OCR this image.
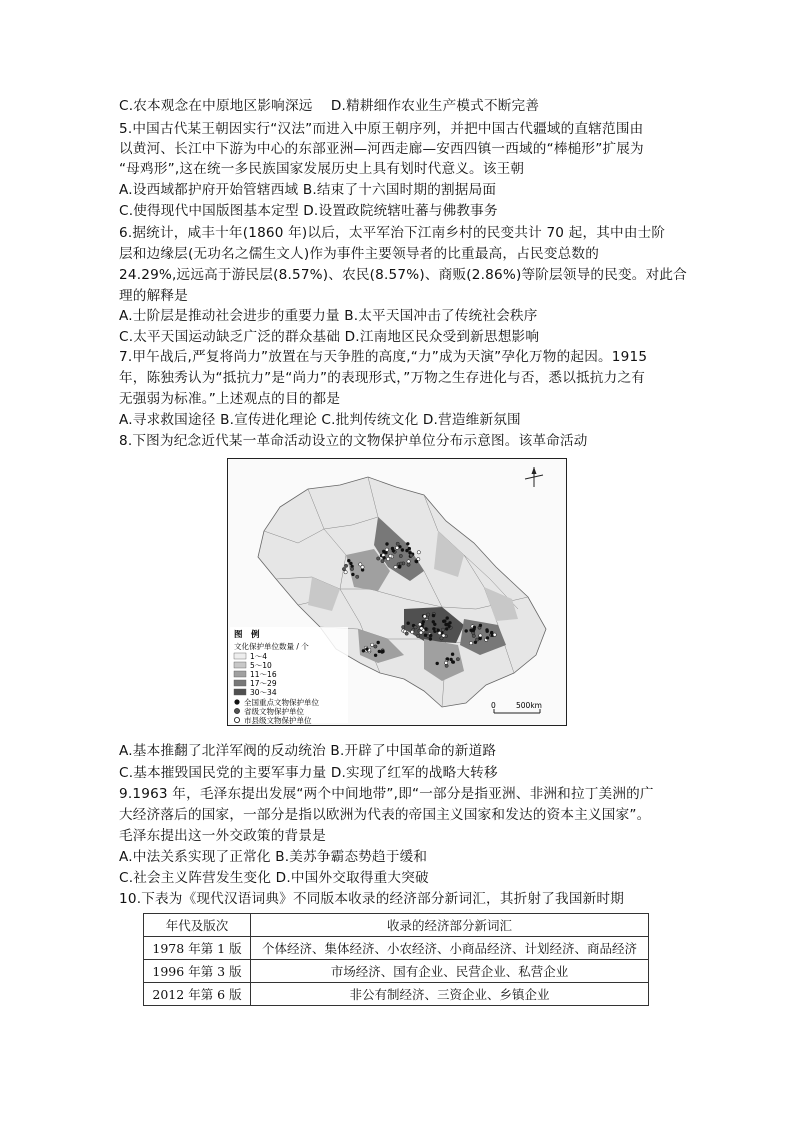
C.农本观念在中原地区影响深远　 D.精耕细作农业生产模式不断完善
5.中国古代某王朝因实行“汉法”而进入中原王朝序列，并把中国古代疆域的直辖范围由
以黄河、长江中下游为中心的东部亚洲—河西走廊—安西四镇一西域的“棒槌形”扩展为
“母鸡形”,这在统一多民族国家发展历史上具有划时代意义。该王朝
A.设西域都护府开始管辖西域 B.结束了十六国时期的割据局面
C.使得现代中国版图基本定型 D.设置政院统辖吐蕃与佛教事务
6.据统计，咸丰十年(1860 年)以后，太平军治下江南乡村的民变共计 70 起，其中由士阶
层和边缘层(无功名之儒生文人)作为事件主要领导者的比重最高，占民变总数的
24.29%,远远高于游民层(8.57%)、农民(8.57%)、商贩(2.86%)等阶层领导的民变。对此合
理的解释是
A.士阶层是推动社会进步的重要力量 B.太平天国冲击了传统社会秩序
C.太平天国运动缺乏广泛的群众基础 D.江南地区民众受到新思想影响
7.甲午战后,严复将尚力”放置在与天争胜的高度,“力”成为天演”孕化万物的起因。1915
年，陈独秀认为“抵抗力”是“尚力”的表现形式，”万物之生存进化与否，悉以抵抗力之有
无强弱为标准。”上述观点的目的都是
A.寻求救国途径 B.宣传进化理论 C.批判传统文化 D.营造维新氛围
8.下图为纪念近代某一革命活动设立的文物保护单位分布示意图。该革命活动
图　例
文化保护单位数量 / 个
1～4
5～10
11～16
17～29
30～34
全国重点文物保护单位
省级文物保护单位
市县级文物保护单位
0	500km
A.基本推翻了北洋军阀的反动统治 B.开辟了中国革命的新道路
C.基本摧毁国民党的主要军事力量 D.实现了红军的战略大转移
9.1963 年，毛泽东提出发展“两个中间地带”,即“一部分是指亚洲、非洲和拉丁美洲的广
大经济落后的国家，一部分是指以欧洲为代表的帝国主义国家和发达的资本主义国家”。
毛泽东提出这一外交政策的背景是
A.中法关系实现了正常化 B.美苏争霸态势趋于缓和
C.社会主义阵营发生变化 D.中国外交取得重大突破
10.下表为《现代汉语词典》不同版本收录的经济部分新词汇，其折射了我国新时期
年代及版次	收录的经济部分新词汇
1978 年第 1 版	个体经济、集体经济、小农经济、小商品经济、计划经济、商品经济
1996 年第 3 版	市场经济、国有企业、民营企业、私营企业
2012 年第 6 版	非公有制经济、三资企业、乡镇企业
